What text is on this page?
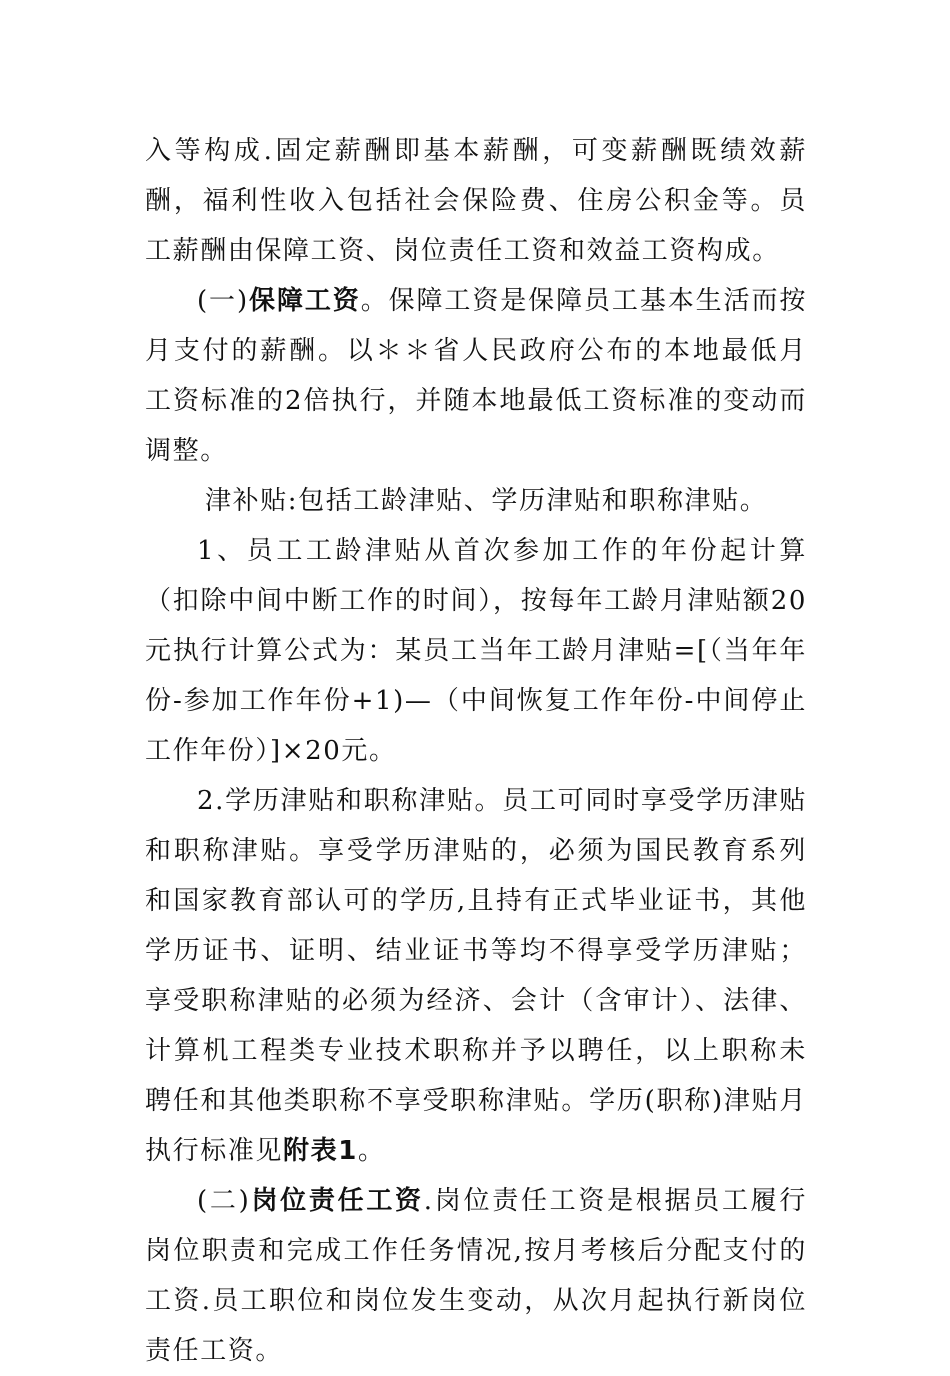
入等构成.固定薪酬即基本薪酬，可变薪酬既绩效薪酬，福利性收入包括社会保险费、住房公积金等。员工薪酬由保障工资、岗位责任工资和效益工资构成。

(一)保障工资。保障工资是保障员工基本生活而按月支付的薪酬。以＊＊省人民政府公布的本地最低月工资标准的2倍执行，并随本地最低工资标准的变动而调整。

津补贴:包括工龄津贴、学历津贴和职称津贴。

1、员工工龄津贴从首次参加工作的年份起计算（扣除中间中断工作的时间），按每年工龄月津贴额20元执行计算公式为：某员工当年工龄月津贴=[（当年年份-参加工作年份+1)—（中间恢复工作年份-中间停止工作年份）]×20元。

2.学历津贴和职称津贴。员工可同时享受学历津贴和职称津贴。享受学历津贴的，必须为国民教育系列和国家教育部认可的学历,且持有正式毕业证书，其他学历证书、证明、结业证书等均不得享受学历津贴；享受职称津贴的必须为经济、会计（含审计）、法律、计算机工程类专业技术职称并予以聘任，以上职称未聘任和其他类职称不享受职称津贴。学历(职称)津贴月执行标准见附表1。

(二)岗位责任工资.岗位责任工资是根据员工履行岗位职责和完成工作任务情况,按月考核后分配支付的工资.员工职位和岗位发生变动，从次月起执行新岗位责任工资。
